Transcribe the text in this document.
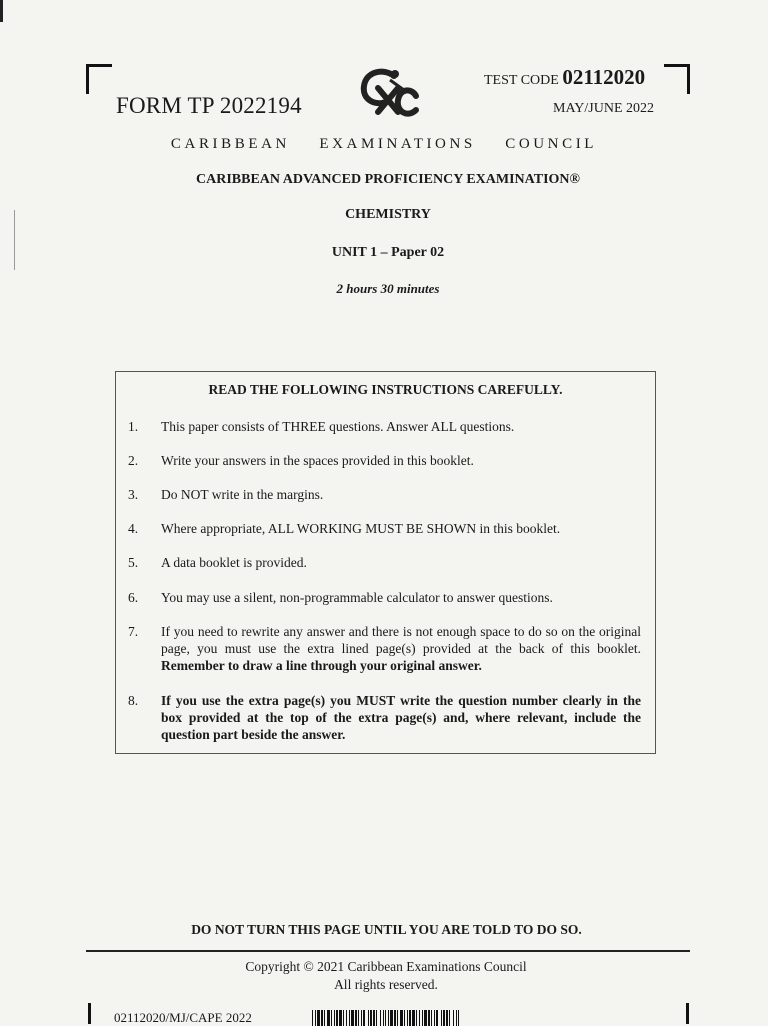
FORM TP 2022194
TEST CODE 02112020
MAY/JUNE 2022
CARIBBEAN EXAMINATIONS COUNCIL
CARIBBEAN ADVANCED PROFICIENCY EXAMINATION®
CHEMISTRY
UNIT 1 – Paper 02
2 hours 30 minutes
READ THE FOLLOWING INSTRUCTIONS CAREFULLY.
1. This paper consists of THREE questions. Answer ALL questions.
2. Write your answers in the spaces provided in this booklet.
3. Do NOT write in the margins.
4. Where appropriate, ALL WORKING MUST BE SHOWN in this booklet.
5. A data booklet is provided.
6. You may use a silent, non-programmable calculator to answer questions.
7. If you need to rewrite any answer and there is not enough space to do so on the original page, you must use the extra lined page(s) provided at the back of this booklet. Remember to draw a line through your original answer.
8. If you use the extra page(s) you MUST write the question number clearly in the box provided at the top of the extra page(s) and, where relevant, include the question part beside the answer.
DO NOT TURN THIS PAGE UNTIL YOU ARE TOLD TO DO SO.
Copyright © 2021 Caribbean Examinations Council
All rights reserved.
02112020/MJ/CAPE 2022
